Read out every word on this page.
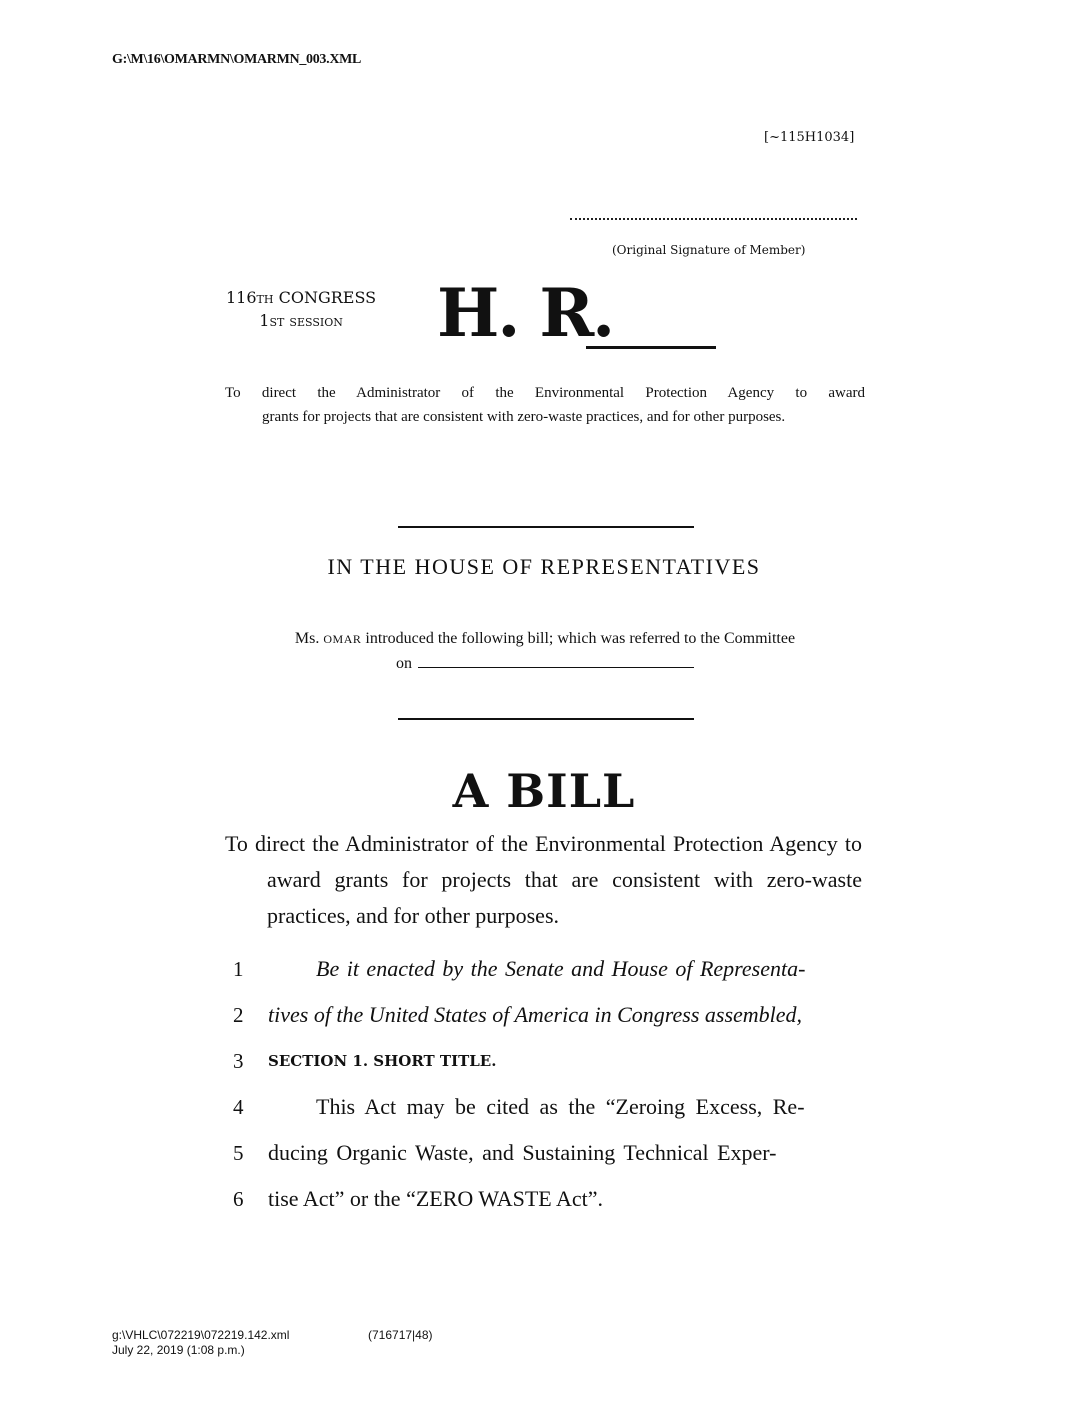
G:\M\16\OMARMN\OMARMN_003.XML
[~115H1034]
(Original Signature of Member)
116TH CONGRESS
1ST session	H. R.
To direct the Administrator of the Environmental Protection Agency to award
grants for projects that are consistent with zero-waste practices, and for other purposes.
IN THE HOUSE OF REPRESENTATIVES
Ms. OMAR introduced the following bill; which was referred to the Committee
on
A BILL
To direct the Administrator of the Environmental Protection Agency to award grants for projects that are consistent with zero-waste practices, and for other purposes.
1	Be it enacted by the Senate and House of Representa-
2	tives of the United States of America in Congress assembled,
3	SECTION 1. SHORT TITLE.
4	This Act may be cited as the “Zeroing Excess, Re-
5	ducing Organic Waste, and Sustaining Technical Exper-
6	tise Act” or the “ZERO WASTE Act”.
g:\VHLC\072219\072219.142.xml
July 22, 2019 (1:08 p.m.)
(716717|48)
